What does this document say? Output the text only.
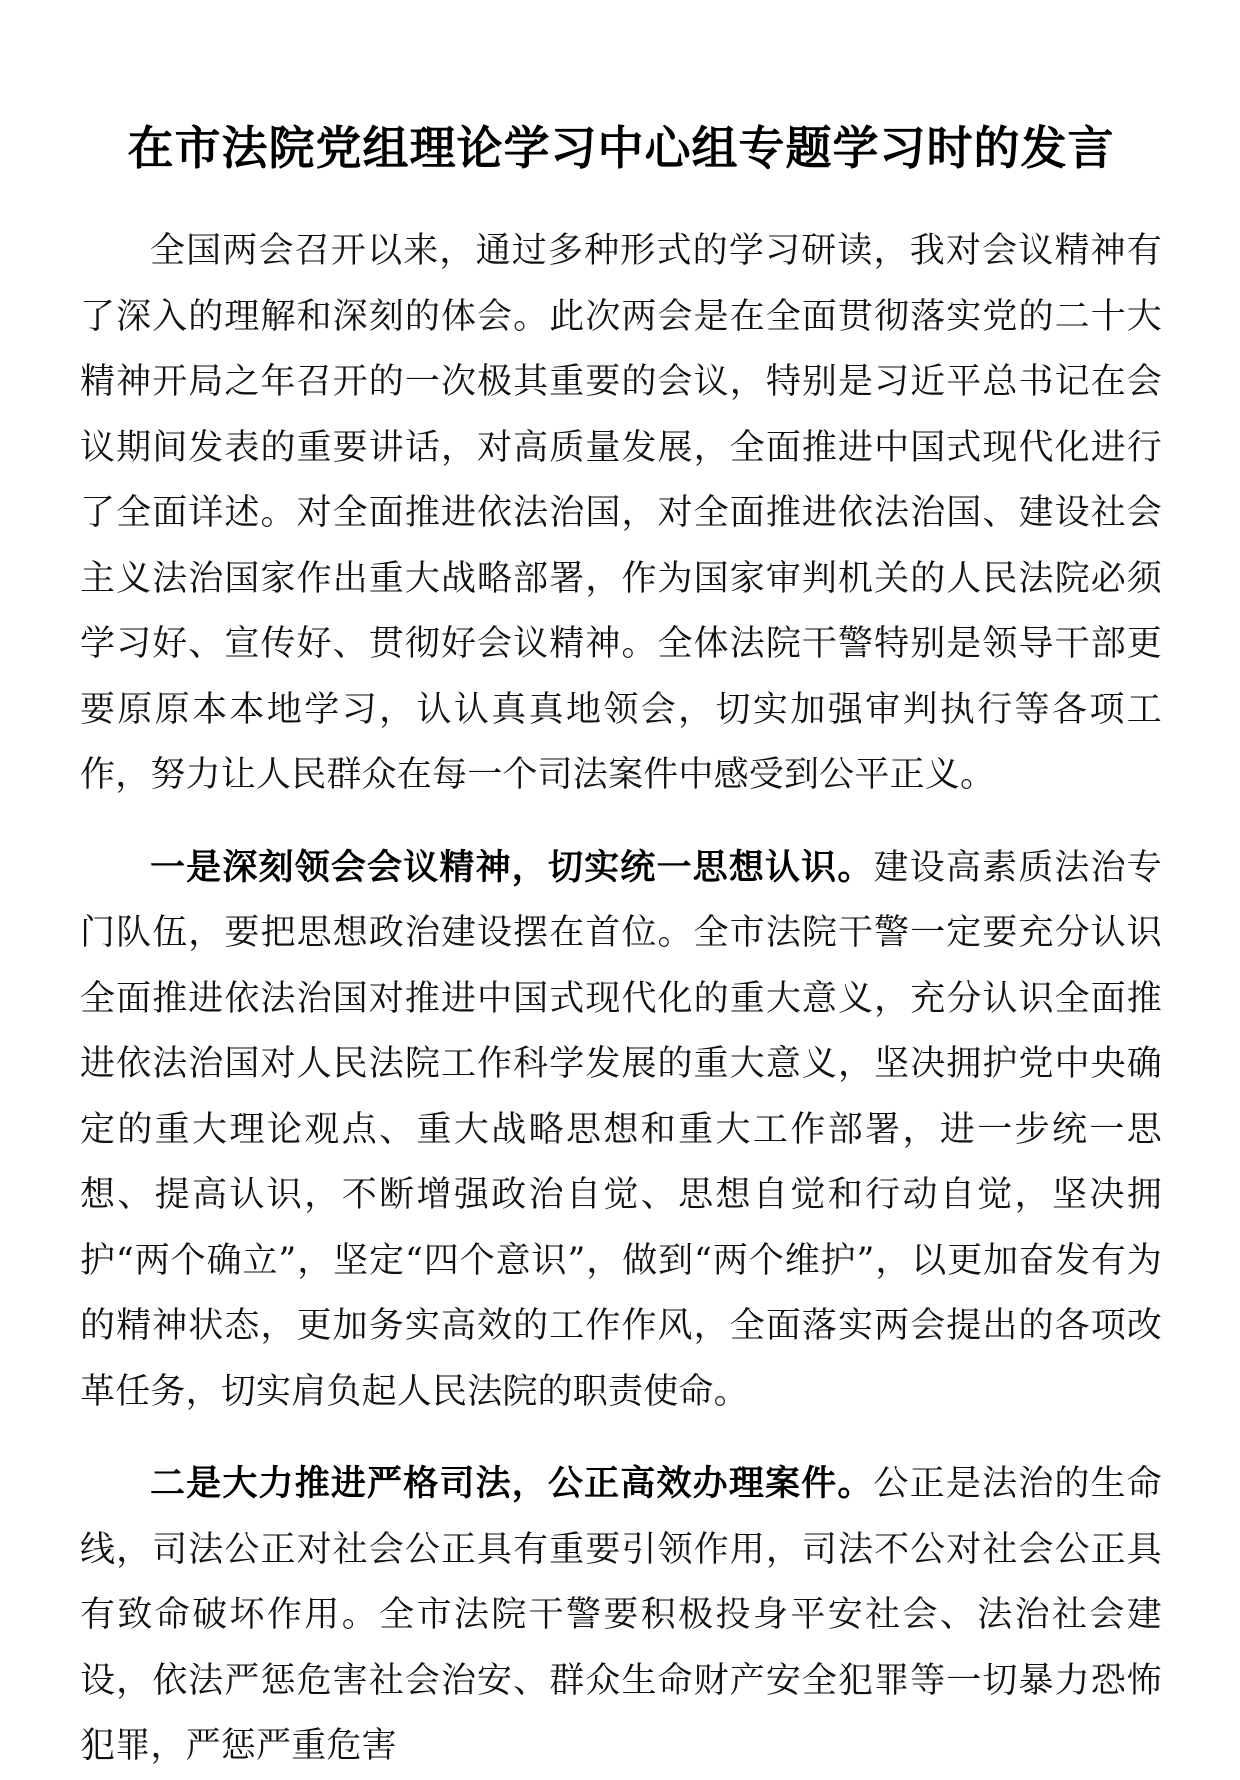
在市法院党组理论学习中心组专题学习时的发言

全国两会召开以来，通过多种形式的学习研读，我对会议精神有了深入的理解和深刻的体会。此次两会是在全面贯彻落实党的二十大精神开局之年召开的一次极其重要的会议，特别是习近平总书记在会议期间发表的重要讲话，对高质量发展，全面推进中国式现代化进行了全面详述。对全面推进依法治国，对全面推进依法治国、建设社会主义法治国家作出重大战略部署，作为国家审判机关的人民法院必须学习好、宣传好、贯彻好会议精神。全体法院干警特别是领导干部更要原原本本地学习，认认真真地领会，切实加强审判执行等各项工作，努力让人民群众在每一个司法案件中感受到公平正义。

一是深刻领会会议精神，切实统一思想认识。建设高素质法治专门队伍，要把思想政治建设摆在首位。全市法院干警一定要充分认识全面推进依法治国对推进中国式现代化的重大意义，充分认识全面推进依法治国对人民法院工作科学发展的重大意义，坚决拥护党中央确定的重大理论观点、重大战略思想和重大工作部署，进一步统一思想、提高认识，不断增强政治自觉、思想自觉和行动自觉，坚决拥护“两个确立”，坚定“四个意识”，做到“两个维护”，以更加奋发有为的精神状态，更加务实高效的工作作风，全面落实两会提出的各项改革任务，切实肩负起人民法院的职责使命。

二是大力推进严格司法，公正高效办理案件。公正是法治的生命线，司法公正对社会公正具有重要引领作用，司法不公对社会公正具有致命破坏作用。全市法院干警要积极投身平安社会、法治社会建设，依法严惩危害社会治安、群众生命财产安全犯罪等一切暴力恐怖犯罪，严惩严重危害
